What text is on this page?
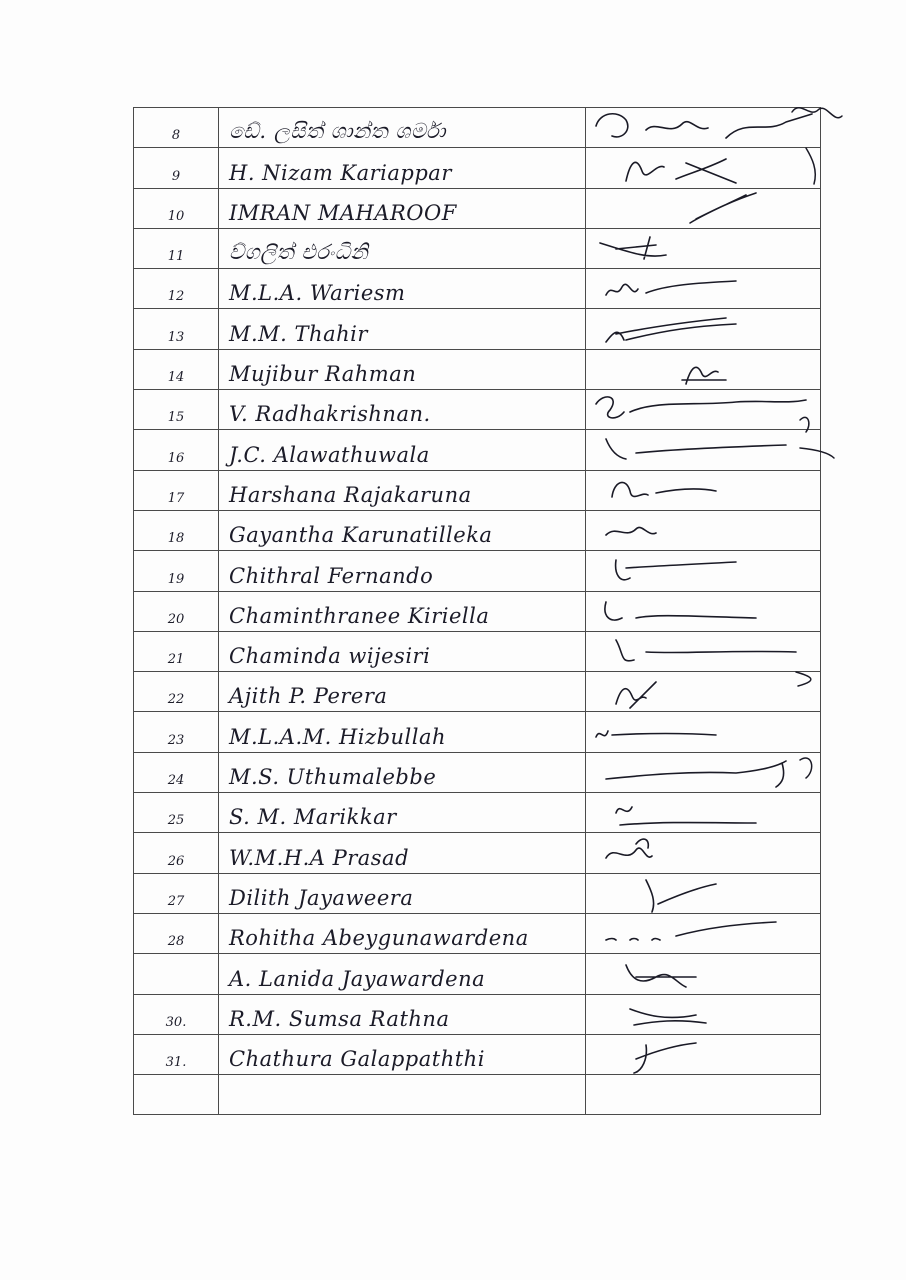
8	ඩේ. ලසිත් ශාන්ත ශර්මා	

9	H. Nizam Kariappar	

10	IMRAN MAHAROOF	

11	ව්ගලිත් එරංධිනි	

12	M.L.A. Wariesm	

13	M.M. Thahir	

14	Mujibur Rahman	

15	V. Radhakrishnan.	

16	J.C. Alawathuwala	

17	Harshana Rajakaruna	

18	Gayantha Karunatilleka	

19	Chithral Fernando	

20	Chaminthranee Kiriella	

21	Chaminda wijesiri	

22	Ajith P. Perera	

23	M.L.A.M. Hizbullah	

24	M.S. Uthumalebbe	

25	S. M. Marikkar	

26	W.M.H.A Prasad	

27	Dilith Jayaweera	

28	Rohitha Abeygunawardena	

	A. Lanida Jayawardena	

30.	R.M. Sumsa Rathna	

31.	Chathura Galappaththi	
